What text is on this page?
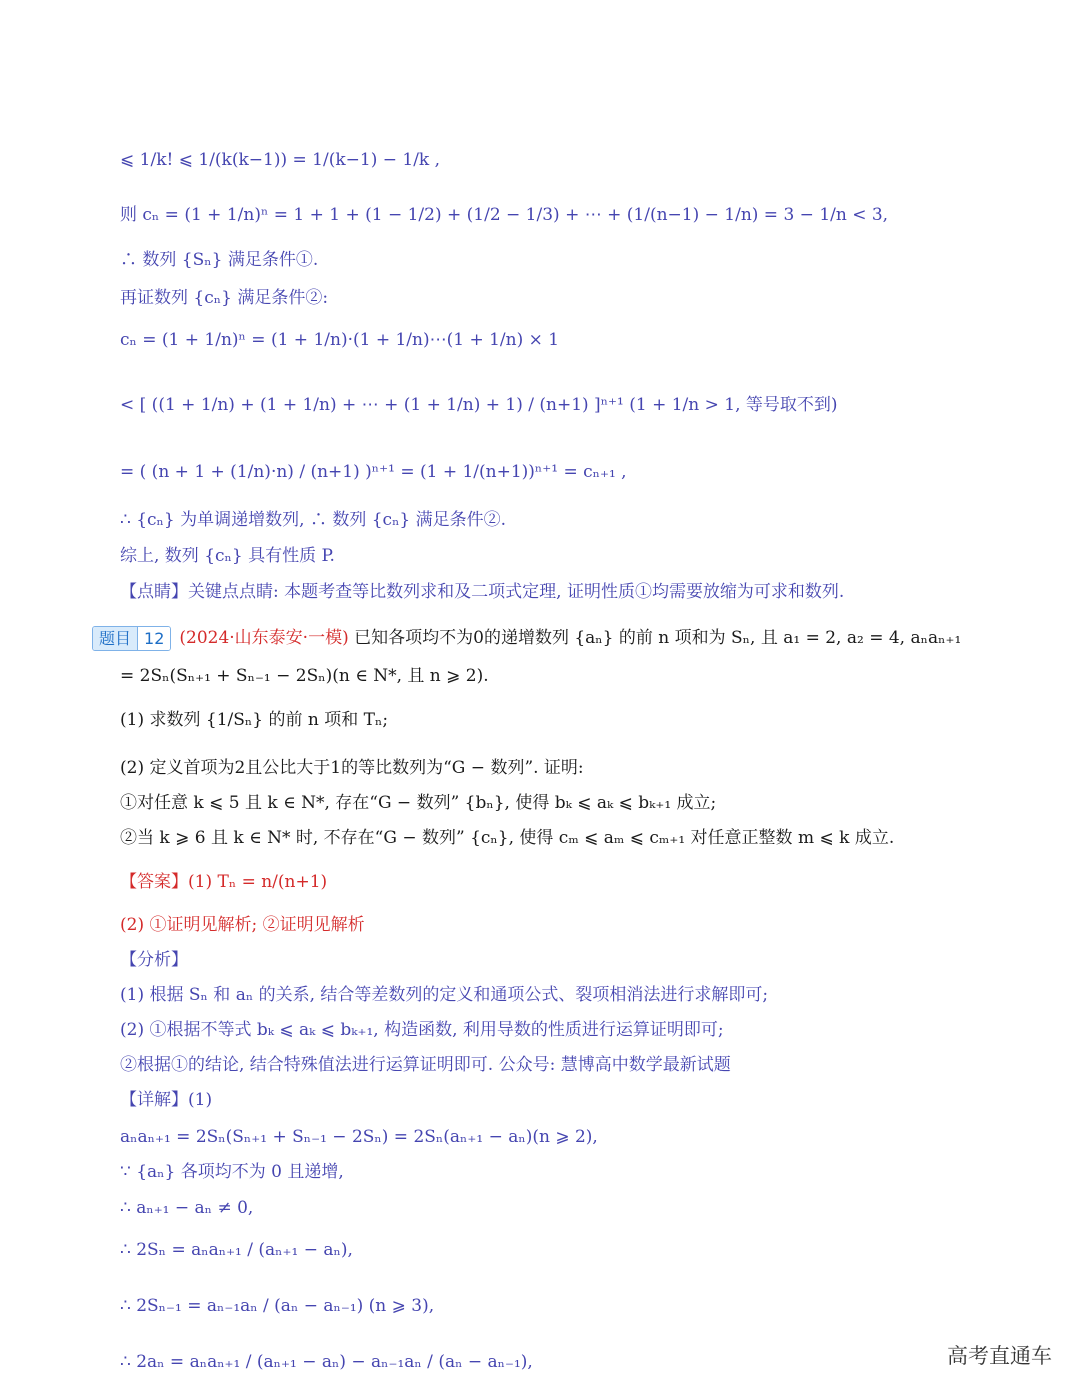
⩽ 1/k! ⩽ 1/(k(k−1)) = 1/(k−1) − 1/k ,
则 cₙ = (1 + 1/n)ⁿ = 1 + 1 + (1 − 1/2) + (1/2 − 1/3) + ⋯ + (1/(n−1) − 1/n) = 3 − 1/n < 3,
∴ 数列 {Sₙ} 满足条件①.
再证数列 {cₙ} 满足条件②:
cₙ = (1 + 1/n)ⁿ = (1 + 1/n)·(1 + 1/n)⋯(1 + 1/n) × 1
< [ ((1 + 1/n) + (1 + 1/n) + ⋯ + (1 + 1/n) + 1) / (n+1) ]ⁿ⁺¹ (1 + 1/n > 1, 等号取不到)
= ( (n + 1 + (1/n)·n) / (n+1) )ⁿ⁺¹ = (1 + 1/(n+1))ⁿ⁺¹ = cₙ₊₁ ,
∴ {cₙ} 为单调递增数列, ∴ 数列 {cₙ} 满足条件②.
综上, 数列 {cₙ} 具有性质 P.
【点睛】关键点点睛: 本题考查等比数列求和及二项式定理, 证明性质①均需要放缩为可求和数列.
题目 12 (2024·山东泰安·一模) 已知各项均不为0的递增数列 {aₙ} 的前 n 项和为 Sₙ, 且 a₁ = 2, a₂ = 4, aₙaₙ₊₁
= 2Sₙ(Sₙ₊₁ + Sₙ₋₁ − 2Sₙ)(n ∈ N*, 且 n ⩾ 2).
(1) 求数列 {1/Sₙ} 的前 n 项和 Tₙ;
(2) 定义首项为2且公比大于1的等比数列为“G − 数列”. 证明:
①对任意 k ⩽ 5 且 k ∈ N*, 存在“G − 数列” {bₙ}, 使得 bₖ ⩽ aₖ ⩽ bₖ₊₁ 成立;
②当 k ⩾ 6 且 k ∈ N* 时, 不存在“G − 数列” {cₙ}, 使得 cₘ ⩽ aₘ ⩽ cₘ₊₁ 对任意正整数 m ⩽ k 成立.
【答案】(1) Tₙ = n/(n+1)
(2) ①证明见解析; ②证明见解析
【分析】
(1) 根据 Sₙ 和 aₙ 的关系, 结合等差数列的定义和通项公式、裂项相消法进行求解即可;
(2) ①根据不等式 bₖ ⩽ aₖ ⩽ bₖ₊₁, 构造函数, 利用导数的性质进行运算证明即可;
②根据①的结论, 结合特殊值法进行运算证明即可. 公众号: 慧博高中数学最新试题
【详解】(1)
aₙaₙ₊₁ = 2Sₙ(Sₙ₊₁ + Sₙ₋₁ − 2Sₙ) = 2Sₙ(aₙ₊₁ − aₙ)(n ⩾ 2),
∵ {aₙ} 各项均不为 0 且递增,
∴ aₙ₊₁ − aₙ ≠ 0,
∴ 2Sₙ = aₙaₙ₊₁ / (aₙ₊₁ − aₙ),
∴ 2Sₙ₋₁ = aₙ₋₁aₙ / (aₙ − aₙ₋₁) (n ⩾ 3),
∴ 2aₙ = aₙaₙ₊₁ / (aₙ₊₁ − aₙ) − aₙ₋₁aₙ / (aₙ − aₙ₋₁),	高考直通车
